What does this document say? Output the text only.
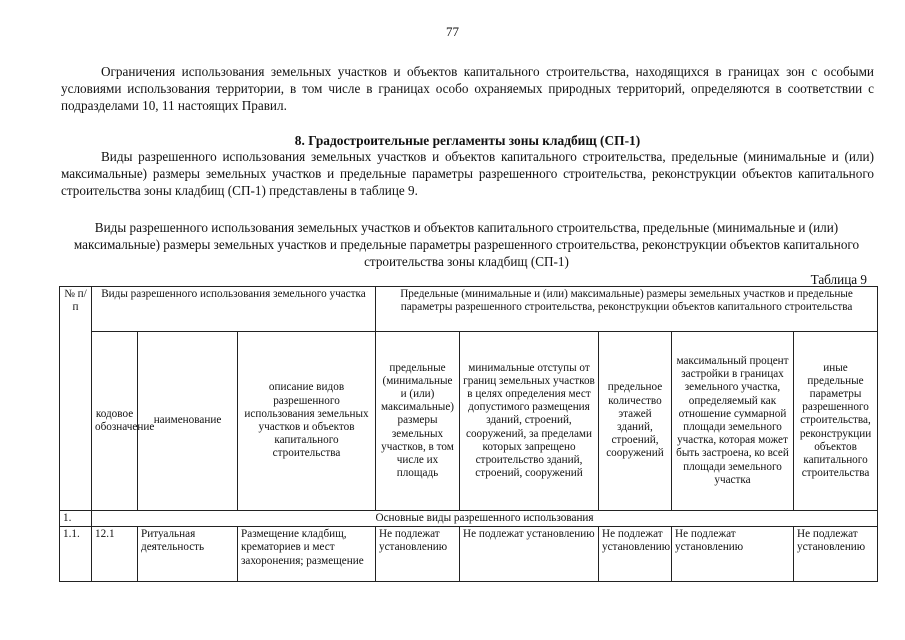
77
Ограничения использования земельных участков и объектов капитального строительства, находящихся в границах зон с особыми условиями использования территории, в том числе в границах особо охраняемых природных территорий, определяются в соответствии с подразделами 10, 11 настоящих Правил.
8. Градостроительные регламенты зоны кладбищ (СП-1)
Виды разрешенного использования земельных участков и объектов капитального строительства, предельные (минимальные и (или) максимальные) размеры земельных участков и предельные параметры разрешенного строительства, реконструкции объектов капитального строительства зоны кладбищ (СП-1) представлены в таблице 9.
Виды разрешенного использования земельных участков и объектов капитального строительства, предельные (минимальные и (или) максимальные) размеры земельных участков и предельные параметры разрешенного строительства, реконструкции объектов капитального строительства зоны кладбищ (СП-1)
Таблица 9
№ п/п	Виды разрешенного использования земельного участка			Предельные (минимальные и (или) максимальные) размеры земельных участков и предельные параметры разрешенного строительства, реконструкции объектов капитального строительства				
	кодовое обозначение	наименование	описание видов разрешенного использования земельных участков и объектов капитального строительства	предельные (минимальные и (или) максимальные) размеры земельных участков, в том числе их площадь	минимальные отступы от границ земельных участков в целях определения мест допустимого размещения зданий, строений, сооружений, за пределами которых запрещено строительство зданий, строений, сооружений	предельное количество этажей зданий, строений, сооружений	максимальный процент застройки в границах земельного участка, определяемый как отношение суммарной площади земельного участка, которая может быть застроена, ко всей площади земельного участка	иные предельные параметры разрешенного строительства, реконструкции объектов капитального строительства
1.	Основные виды разрешенного использования							
1.1.	12.1	Ритуальная деятельность	Размещение кладбищ, крематориев и мест захоронения; размещение	Не подлежат установлению	Не подлежат установлению	Не подлежат установлению	Не подлежат установлению	Не подлежат установлению
